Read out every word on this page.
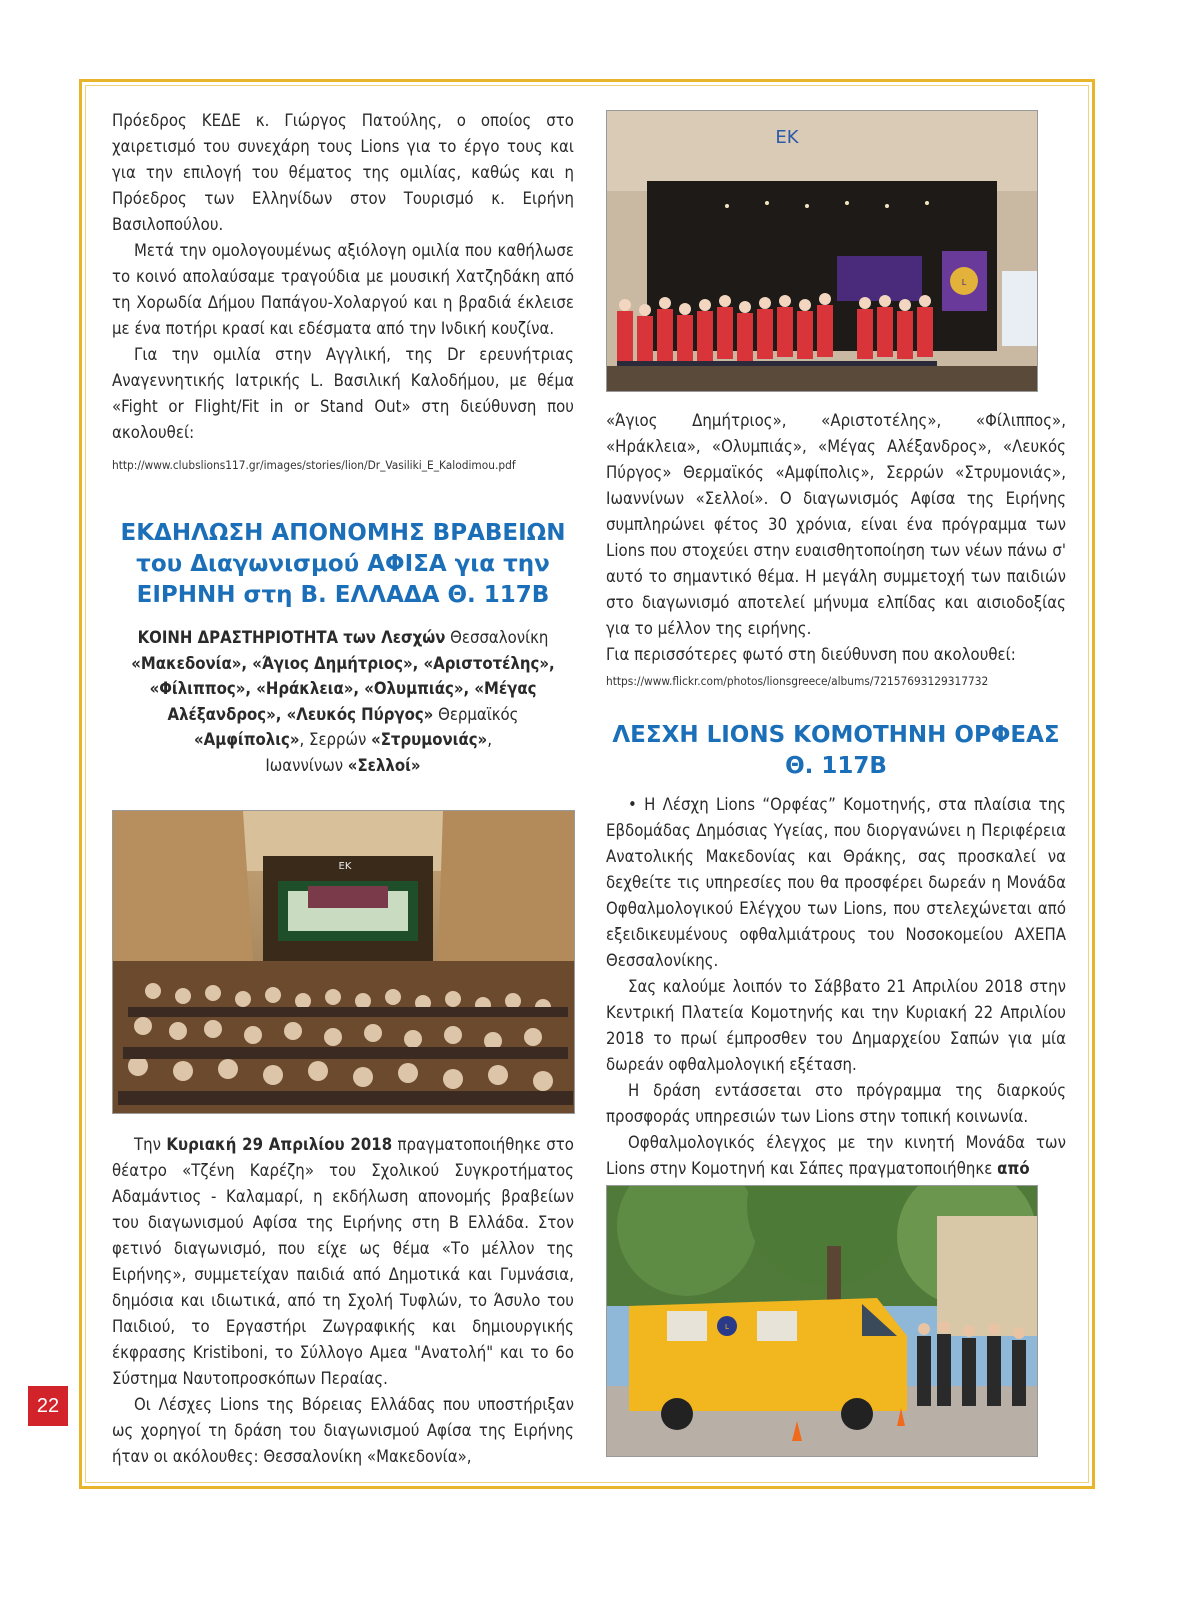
Πρόεδρος ΚΕΔΕ κ. Γιώργος Πατούλης, ο οποίος στο χαιρετισμό του συνεχάρη τους Lions για το έργο τους και για την επιλογή του θέματος της ομιλίας, καθώς και η Πρόεδρος των Ελληνίδων στον Τουρισμό κ. Ειρήνη Βασιλοπούλου.

Μετά την ομολογουμένως αξιόλογη ομιλία που καθήλωσε το κοινό απολαύσαμε τραγούδια με μουσική Χατζηδάκη από τη Χορωδία Δήμου Παπάγου-Χολαργού και η βραδιά έκλεισε με ένα ποτήρι κρασί και εδέσματα από την Ινδική κουζίνα.

Για την ομιλία στην Αγγλική, της Dr ερευνήτριας Αναγεννητικής Ιατρικής L. Βασιλική Καλοδήμου, με θέμα «Fight or Flight/Fit in or Stand Out» στη διεύθυνση που ακολουθεί:

http://www.clubslions117.gr/images/stories/lion/Dr_Vasiliki_E_Kalodimou.pdf

ΕΚΔΗΛΩΣΗ ΑΠΟΝΟΜΗΣ ΒΡΑΒΕΙΩΝ
του Διαγωνισμού ΑΦΙΣΑ για την
ΕΙΡΗΝΗ στη Β. ΕΛΛΑΔΑ Θ. 117Β
ΚΟΙΝΗ ΔΡΑΣΤΗΡΙΟΤΗΤΑ των Λεσχών Θεσσαλονίκη
«Μακεδονία», «Άγιος Δημήτριος», «Αριστοτέλης»,
«Φίλιππος», «Ηράκλεια», «Ολυμπιάς», «Μέγας
Αλέξανδρος», «Λευκός Πύργος» Θερμαϊκός
«Αμφίπολις», Σερρών «Στρυμονιάς»,
Ιωαννίνων «Σελλοί»
EK

Την Κυριακή 29 Απριλίου 2018 πραγματοποιήθηκε στο θέατρο «Τζένη Καρέζη» του Σχολικού Συγκροτήματος Αδαμάντιος - Καλαμαρί, η εκδήλωση απονομής βραβείων του διαγωνισμού Αφίσα της Ειρήνης στη Β Ελλάδα. Στον φετινό διαγωνισμό, που είχε ως θέμα «Το μέλλον της Ειρήνης», συμμετείχαν παιδιά από Δημοτικά και Γυμνάσια, δημόσια και ιδιωτικά, από τη Σχολή Τυφλών, το Άσυλο του Παιδιού, το Εργαστήρι Ζωγραφικής και δημιουργικής έκφρασης Kristiboni, το Σύλλογο Αμεα "Ανατολή" και το 6ο Σύστημα Ναυτοπροσκόπων Περαίας.

Οι Λέσχες Lions της Βόρειας Ελλάδας που υποστήριξαν ως χορηγοί τη δράση του διαγωνισμού Αφίσα της Ειρήνης ήταν οι ακόλουθες: Θεσσαλονίκη «Μακεδονία»,

L
EK

«Άγιος Δημήτριος», «Αριστοτέλης», «Φίλιππος», «Ηράκλεια», «Ολυμπιάς», «Μέγας Αλέξανδρος», «Λευκός Πύργος» Θερμαϊκός «Αμφίπολις», Σερρών «Στρυμονιάς», Ιωαννίνων «Σελλοί». Ο διαγωνισμός Αφίσα της Ειρήνης συμπληρώνει φέτος 30 χρόνια, είναι ένα πρόγραμμα των Lions που στοχεύει στην ευαισθητοποίηση των νέων πάνω σ' αυτό το σημαντικό θέμα. Η μεγάλη συμμετοχή των παιδιών στο διαγωνισμό αποτελεί μήνυμα ελπίδας και αισιοδοξίας για το μέλλον της ειρήνης.

Για περισσότερες φωτό στη διεύθυνση που ακολουθεί:

https://www.flickr.com/photos/lionsgreece/albums/72157693129317732

ΛΕΣΧΗ LIONS ΚΟΜΟΤΗΝΗ ΟΡΦΕΑΣ
Θ. 117Β

• Η Λέσχη Lions “Ορφέας” Κομοτηνής, στα πλαίσια της Εβδομάδας Δημόσιας Υγείας, που διοργανώνει η Περιφέρεια Ανατολικής Μακεδονίας και Θράκης, σας προσκαλεί να δεχθείτε τις υπηρεσίες που θα προσφέρει δωρεάν η Μονάδα Οφθαλμολογικού Ελέγχου των Lions, που στελεχώνεται από εξειδικευμένους οφθαλμιάτρους του Νοσοκομείου ΑΧΕΠΑ Θεσσαλονίκης.

Σας καλούμε λοιπόν το Σάββατο 21 Απριλίου 2018 στην Κεντρική Πλατεία Κομοτηνής και την Κυριακή 22 Απριλίου 2018 το πρωί έμπροσθεν του Δημαρχείου Σαπών για μία δωρεάν οφθαλμολογική εξέταση.

Η δράση εντάσσεται στο πρόγραμμα της διαρκούς προσφοράς υπηρεσιών των Lions στην τοπική κοινωνία.

Οφθαλμολογικός έλεγχος με την κινητή Μονάδα των Lions στην Κομοτηνή και Σάπες πραγματοποιήθηκε από

L
22
